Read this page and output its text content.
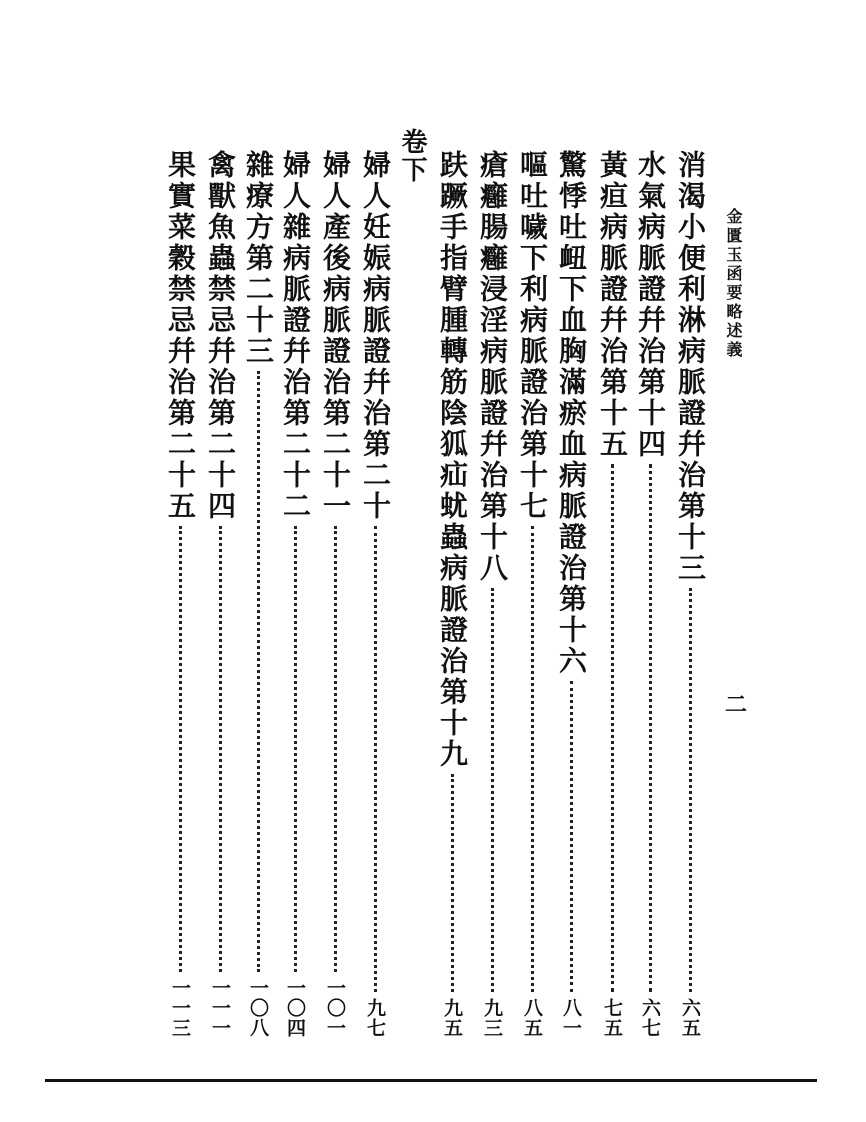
金匱玉函要略述義
二
卷下	消渴小便利淋病脈證幷治第十三
六五
水氣病脈證幷治第十四
六七
黃疸病脈證幷治第十五
七五
驚悸吐衄下血胸滿瘀血病脈證治第十六
八一
嘔吐噦下利病脈證治第十七
八五
瘡癰腸癰浸淫病脈證幷治第十八
九三
趺蹶手指臂腫轉筋陰狐疝蚘蟲病脈證治第十九
九五
婦人妊娠病脈證幷治第二十
九七
婦人產後病脈證治第二十一
一〇一
婦人雜病脈證幷治第二十二
一〇四
雜療方第二十三
一〇八
禽獸魚蟲禁忌幷治第二十四
一一一
果實菜穀禁忌幷治第二十五
一一三
